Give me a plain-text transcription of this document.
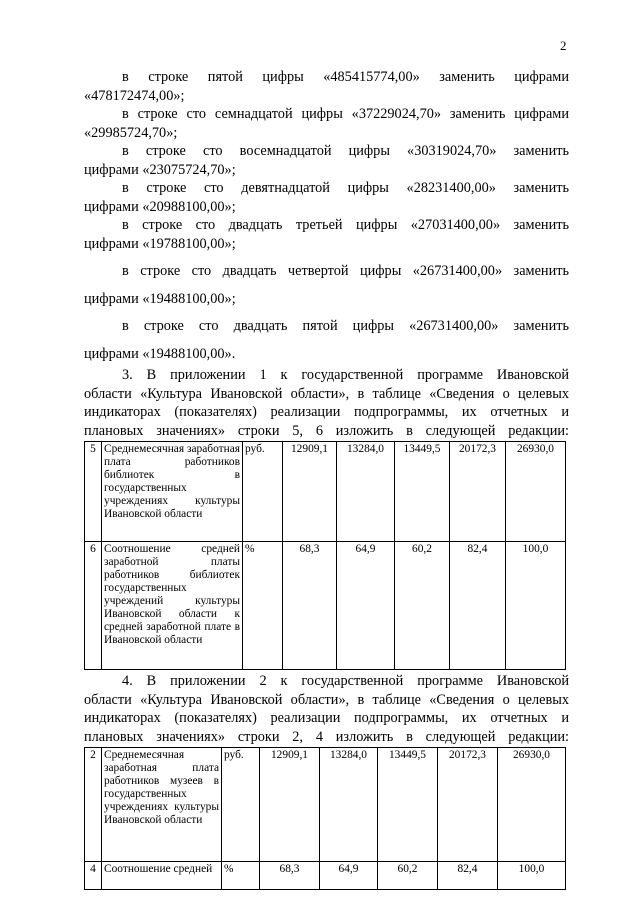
2
в строке пятой цифры «485415774,00» заменить цифрами
«478172474,00»;
в строке сто семнадцатой цифры «37229024,70» заменить цифрами
«29985724,70»;
в строке сто восемнадцатой цифры «30319024,70» заменить
цифрами «23075724,70»;
в строке сто девятнадцатой цифры «28231400,00» заменить
цифрами «20988100,00»;
в строке сто двадцать третьей цифры «27031400,00» заменить
цифрами «19788100,00»;
в строке сто двадцать четвертой цифры «26731400,00» заменить
цифрами «19488100,00»;
в строке сто двадцать пятой цифры «26731400,00» заменить
цифрами «19488100,00».
3. В приложении 1 к государственной программе Ивановской
области «Культура Ивановской области», в таблице «Сведения о целевых
индикаторах (показателях) реализации подпрограммы, их отчетных и
плановых значениях» строки 5, 6 изложить в следующей редакции:
5	Среднемесячная заработная плата работников библиотек в государственных учреждениях культуры Ивановской области	руб.	12909,1	13284,0	13449,5	20172,3	26930,0
6	Соотношение средней заработной платы работников библиотек государственных учреждений культуры Ивановской области к средней заработной плате в Ивановской области	%	68,3	64,9	60,2	82,4	100,0
4. В приложении 2 к государственной программе Ивановской
области «Культура Ивановской области», в таблице «Сведения о целевых
индикаторах (показателях) реализации подпрограммы, их отчетных и
плановых значениях» строки 2, 4 изложить в следующей редакции:
2	Среднемесячная заработная плата работников музеев в государственных учреждениях культуры Ивановской области	руб.	12909,1	13284,0	13449,5	20172,3	26930,0
4	Соотношение средней	%	68,3	64,9	60,2	82,4	100,0
